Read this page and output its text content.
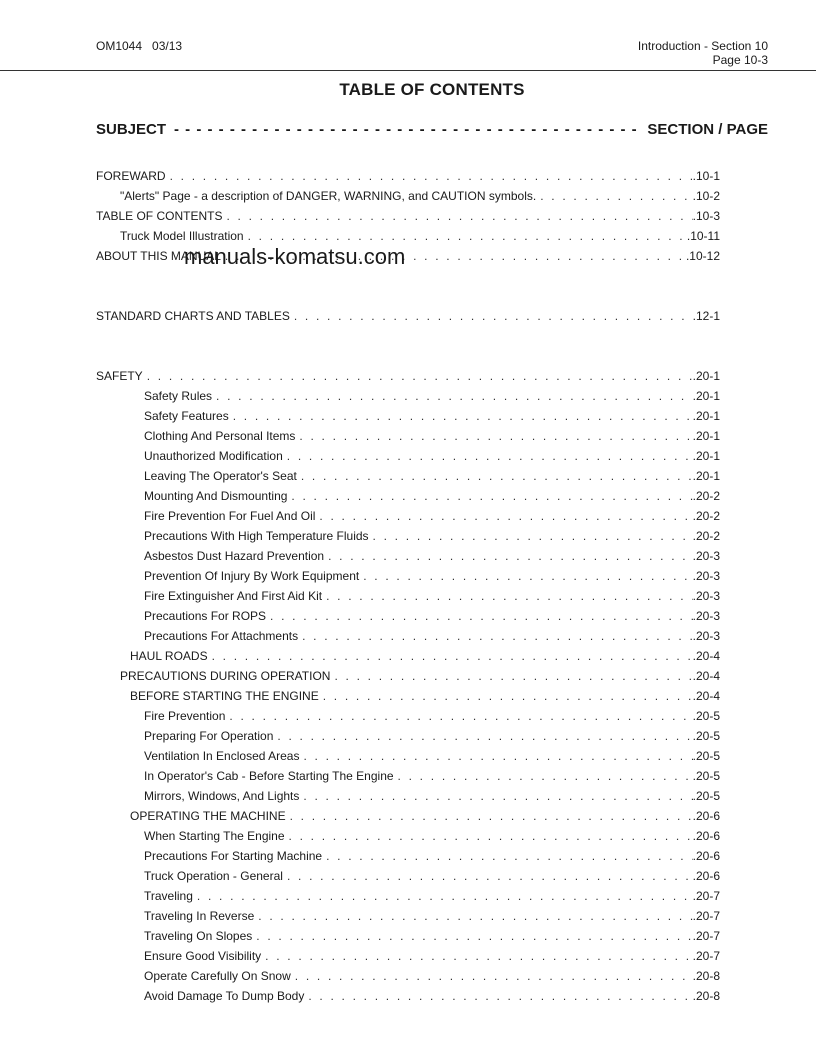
OM1044   03/13	Introduction - Section 10
Page 10-3
TABLE OF CONTENTS
SUBJECT - - -	SECTION / PAGE
FOREWARD . . .	. 10-1
"Alerts" Page - a description of DANGER, WARNING, and CAUTION symbols. . . .	. 10-2
TABLE OF CONTENTS . . .	. 10-3
Truck Model Illustration . . .	. 10-11
ABOUT THIS MANUAL . . .	. 10-12
STANDARD CHARTS AND TABLES . . .	. 12-1
SAFETY . . .	. 20-1
Safety Rules . . .	. 20-1
Safety Features . . .	. 20-1
Clothing And Personal Items . . .	. 20-1
Unauthorized Modification . . .	. 20-1
Leaving The Operator's Seat . . .	. 20-1
Mounting And Dismounting . . .	. 20-2
Fire Prevention For Fuel And Oil . . .	. 20-2
Precautions With High Temperature Fluids . . .	. 20-2
Asbestos Dust Hazard Prevention . . .	. 20-3
Prevention Of Injury By Work Equipment . . .	. 20-3
Fire Extinguisher And First Aid Kit . . .	. 20-3
Precautions For ROPS . . .	. 20-3
Precautions For Attachments . . .	. 20-3
HAUL ROADS . . .	. 20-4
PRECAUTIONS DURING OPERATION . . .	. 20-4
BEFORE STARTING THE ENGINE . . .	. 20-4
Fire Prevention . . .	. 20-5
Preparing For Operation . . .	. 20-5
Ventilation In Enclosed Areas . . .	. 20-5
In Operator's Cab - Before Starting The Engine . . .	. 20-5
Mirrors, Windows, And Lights . . .	. 20-5
OPERATING THE MACHINE . . .	. 20-6
When Starting The Engine . . .	. 20-6
Precautions For Starting Machine . . .	. 20-6
Truck Operation - General . . .	. 20-6
Traveling . . .	. 20-7
Traveling In Reverse . . .	. 20-7
Traveling On Slopes . . .	. 20-7
Ensure Good Visibility . . .	. 20-7
Operate Carefully On Snow . . .	. 20-8
Avoid Damage To Dump Body . . .	. 20-8
manuals-komatsu.com
